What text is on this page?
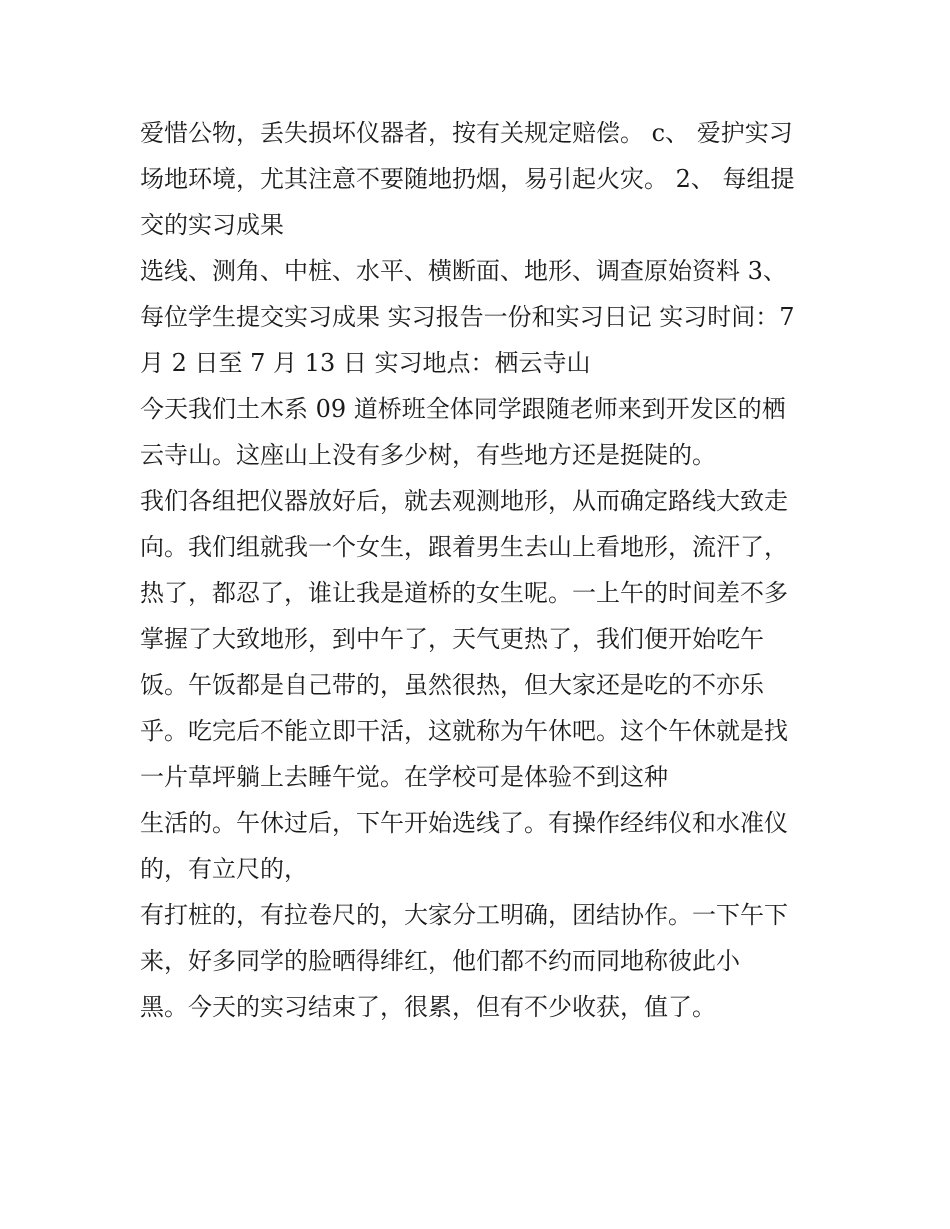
爱惜公物，丢失损坏仪器者，按有关规定赔偿。 c、 爱护实习
场地环境，尤其注意不要随地扔烟，易引起火灾。 2、 每组提
交的实习成果
选线、测角、中桩、水平、横断面、地形、调查原始资料 3、
每位学生提交实习成果 实习报告一份和实习日记 实习时间：7
月 2 日至 7 月 13 日 实习地点：栖云寺山
今天我们土木系 09 道桥班全体同学跟随老师来到开发区的栖
云寺山。这座山上没有多少树，有些地方还是挺陡的。
我们各组把仪器放好后，就去观测地形，从而确定路线大致走
向。我们组就我一个女生，跟着男生去山上看地形，流汗了，
热了，都忍了，谁让我是道桥的女生呢。一上午的时间差不多
掌握了大致地形，到中午了，天气更热了，我们便开始吃午
饭。午饭都是自己带的，虽然很热，但大家还是吃的不亦乐
乎。吃完后不能立即干活，这就称为午休吧。这个午休就是找
一片草坪躺上去睡午觉。在学校可是体验不到这种
生活的。午休过后，下午开始选线了。有操作经纬仪和水准仪
的，有立尺的，
有打桩的，有拉卷尺的，大家分工明确，团结协作。一下午下
来，好多同学的脸晒得绯红，他们都不约而同地称彼此小
黑。今天的实习结束了，很累，但有不少收获，值了。
